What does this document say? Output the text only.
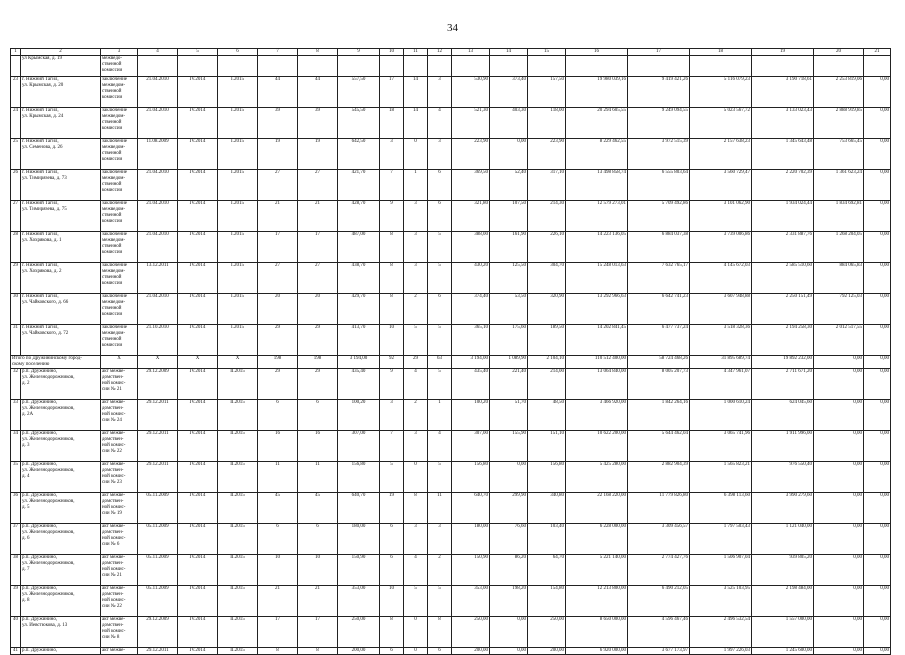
34
1	2	3	4	5	6	7	8	9	10	11	12	13	14	15	16	17	18	19	20	21
	ул Крымская, д. 19	межведо-
ственной
комиссии																		
23	г. Нижний Тагил,
ул. Крымская, д. 20	заключение
межведом-
ственной
комиссии	21.04.2010	IV.2014	I.2015	44	44	557,50	17	14	3	530,90	373,40	157,50	19 980 039,16	9 419 421,26	5 116 079,23	3 190 718,61	2 253 819,06	0,00
24	г. Нижний Тагил,
ул. Крымская, д. 24	заключение
межведом-
ственной
комиссии	21.04.2010	IV.2014	I.2015	39	39	545,50	18	14	4	521,30	403,30	118,00	20 294 605,55	9 249 094,55	5 023 567,72	3 133 023,43	2 888 919,85	0,00
25	г. Нижний Тагил,
ул. Семенова, д. 26	заключение
межведом-
ственной
комиссии	11.08.2009	IV.2014	I.2015	19	19	642,50	3	0	3	223,90	0,00	223,90	8 229 462,55	3 972 515,39	2 157 638,23	1 345 643,48	753 665,45	0,00
26	г. Нижний Тагил,
ул. Тимирязева, д. 73	заключение
межведом-
ственной
комиссии	21.04.2010	IV.2014	I.2015	27	27	421,70	7	1	6	369,50	52,40	317,10	13 498 858,74	6 555 803,64	3 560 729,47	2 220 702,39	1 361 623,24	0,00
27	г. Нижний Тагил,
ул. Тимирязева, д. 75	заключение
межведом-
ственной
комиссии	21.04.2010	IV.2014	I.2015	21	21	428,70	9	3	6	321,80	107,50	214,30	12 579 273,01	5 709 492,86	3 101 062,90	1 934 024,44	1 834 692,81	0,00
28	г. Нижний Тагил,
ул. Хохрякова, д. 1	заключение
межведом-
ственной
комиссии	21.04.2010	IV.2014	I.2015	17	17	487,00	8	3	5	388,00	161,90	226,10	14 223 136,05	6 884 037,38	3 739 006,86	2 331 887,76	1 268 204,05	0,00
29	г. Нижний Тагил,
ул. Хохрякова, д. 2	заключение
межведом-
ственной
комиссии	13.12.2011	IV.2014	I.2015	27	27	438,70	8	3	5	430,20	125,50	304,70	15 248 013,63	7 632 765,17	4 145 672,03	2 585 510,60	884 065,83	0,00
30	г. Нижний Тагил,
ул. Чайковского, д. 66	заключение
межведом-
ственной
комиссии	21.04.2010	IV.2014	I.2015	20	20	429,70	8	2	6	374,40	53,50	320,90	13 292 966,63	6 642 741,23	3 607 948,88	2 250 151,49	792 125,03	0,00
31	г. Нижний Тагил,
ул. Чайковского, д. 72	заключение
межведом-
ственной
комиссии	21.10.2010	IV.2014	I.2015	29	29	413,70	10	5	5	365,10	175,60	189,50	14 202 841,45	6 477 737,24	3 518 328,36	2 194 258,30	2 012 517,55	0,00
Итого по Дружининскому город-
скому поселению		X	X	X	X	198	198	3 194,00	92	29	63	3 194,00	1 089,90	2 104,10	110 512 400,00	58 724 468,26	31 895 689,74	19 892 232,00	0,00	0,00
32	р.п. Дружинино,
ул. Железнодорожников,
д. 2	акт межве-
домствен-
ной комис-
сии № 21	29.12.2009	IV.2014	II.2015	29	29	435,40	9	4	5	435,40	221,40	214,00	13 064 840,00	8 005 207,73	4 347 961,07	2 711 671,20	0,00	0,00
33	р.п. Дружинино,
ул. Железнодорожников,
д. 2А	акт межве-
домствен-
ной комис-
сии № 24	29.12.2011	IV.2014	II.2015	6	6	100,20	3	2	1	100,20	51,70	48,50	3 466 920,00	1 842 264,16	1 000 610,24	624 045,60	0,00	0,00
34	р.п. Дружинино,
ул. Железнодорожников,
д. 3	акт межве-
домствен-
ной комис-
сии № 22	29.12.2011	IV.2014	II.2015	16	16	307,00	7	3	4	307,00	155,90	151,10	10 622 200,00	5 644 462,04	3 065 741,96	1 911 996,00	0,00	0,00
35	р.п. Дружинино,
ул. Железнодорожников,
д. 4	акт межве-
домствен-
ной комис-
сии № 23	29.12.2011	IV.2014	II.2015	11	11	156,80	5	0	5	156,80	0,00	156,80	5 425 280,00	2 882 904,39	1 565 823,21	976 550,40	0,00	0,00
36	р.п. Дружинино,
ул. Железнодорожников,
д. 5	акт межве-
домствен-
ной комис-
сии № 19	05.11.2009	IV.2014	II.2015	45	45	640,70	19	8	11	640,70	299,90	340,80	22 168 220,00	11 779 826,80	6 398 113,60	3 990 279,60	0,00	0,00
37	р.п. Дружинино,
ул. Железнодорожников,
д. 6	акт межве-
домствен-
ной комис-
сии № 6	05.11.2009	IV.2014	II.2015	6	6	180,00	6	3	3	180,00	76,60	103,40	6 228 000,00	3 309 456,57	1 797 503,43	1 121 040,00	0,00	0,00
38	р.п. Дружинино,
ул. Железнодорожников,
д. 7	акт межве-
домствен-
ной комис-
сии № 21	05.11.2009	IV.2014	II.2015	10	10	150,90	6	4	2	150,90	86,20	64,70	5 221 140,00	2 774 427,76	1 506 907,04	939 805,20	0,00	0,00
39	р.п. Дружинино,
ул. Железнодорожников,
д. 8	акт межве-
домствен-
ной комис-
сии № 22	05.11.2009	IV.2014	II.2015	21	21	353,00	10	5	5	353,00	198,20	154,80	12 213 800,00	6 490 212,05	3 525 103,95	2 198 484,00	0,00	0,00
40	р.п. Дружинино,
ул. Иевстюкова, д. 13	акт межве-
домствен-
ной комис-
сии № 8	29.12.2009	IV.2014	II.2015	17	17	250,00	8	0	8	250,00	0,00	250,00	8 650 000,00	4 596 467,46	2 496 532,54	1 557 000,00	0,00	0,00
41	р.п. Дружинино,	акт межве-	29.12.2011	IV.2014	II.2015	8	8	200,00	6	0	6	200,00	0,00	200,00	6 920 000,00	3 677 173,97	1 997 226,03	1 245 600,00	0,00	0,00
